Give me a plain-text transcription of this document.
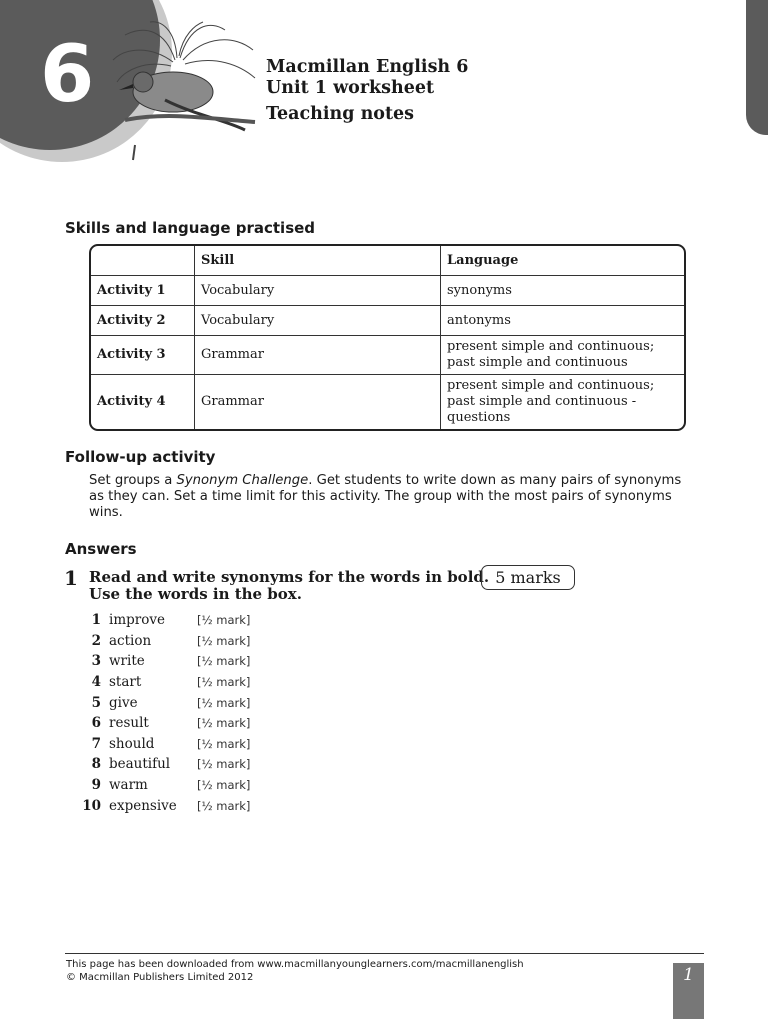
6	Macmillan English 6
Unit 1 worksheet
Teaching notes
Skills and language practised
	Skill	Language
Activity 1	Vocabulary	synonyms
Activity 2	Vocabulary	antonyms
Activity 3	Grammar	present simple and continuous; past simple and continuous
Activity 4	Grammar	present simple and continuous; past simple and continuous - questions
Follow-up activity
Set groups a Synonym Challenge. Get students to write down as many pairs of synonyms as they can. Set a time limit for this activity. The group with the most pairs of synonyms wins.
Answers
1 Read and write synonyms for the words in bold.
Use the words in the box.
5 marks
1 improve	[½ mark]
2 action	[½ mark]
3 write	[½ mark]
4 start	[½ mark]
5 give	[½ mark]
6 result	[½ mark]
7 should	[½ mark]
8 beautiful	[½ mark]
9 warm	[½ mark]
10 expensive	[½ mark]
This page has been downloaded from www.macmillanyounglearners.com/macmillanenglish
© Macmillan Publishers Limited 2012	1
